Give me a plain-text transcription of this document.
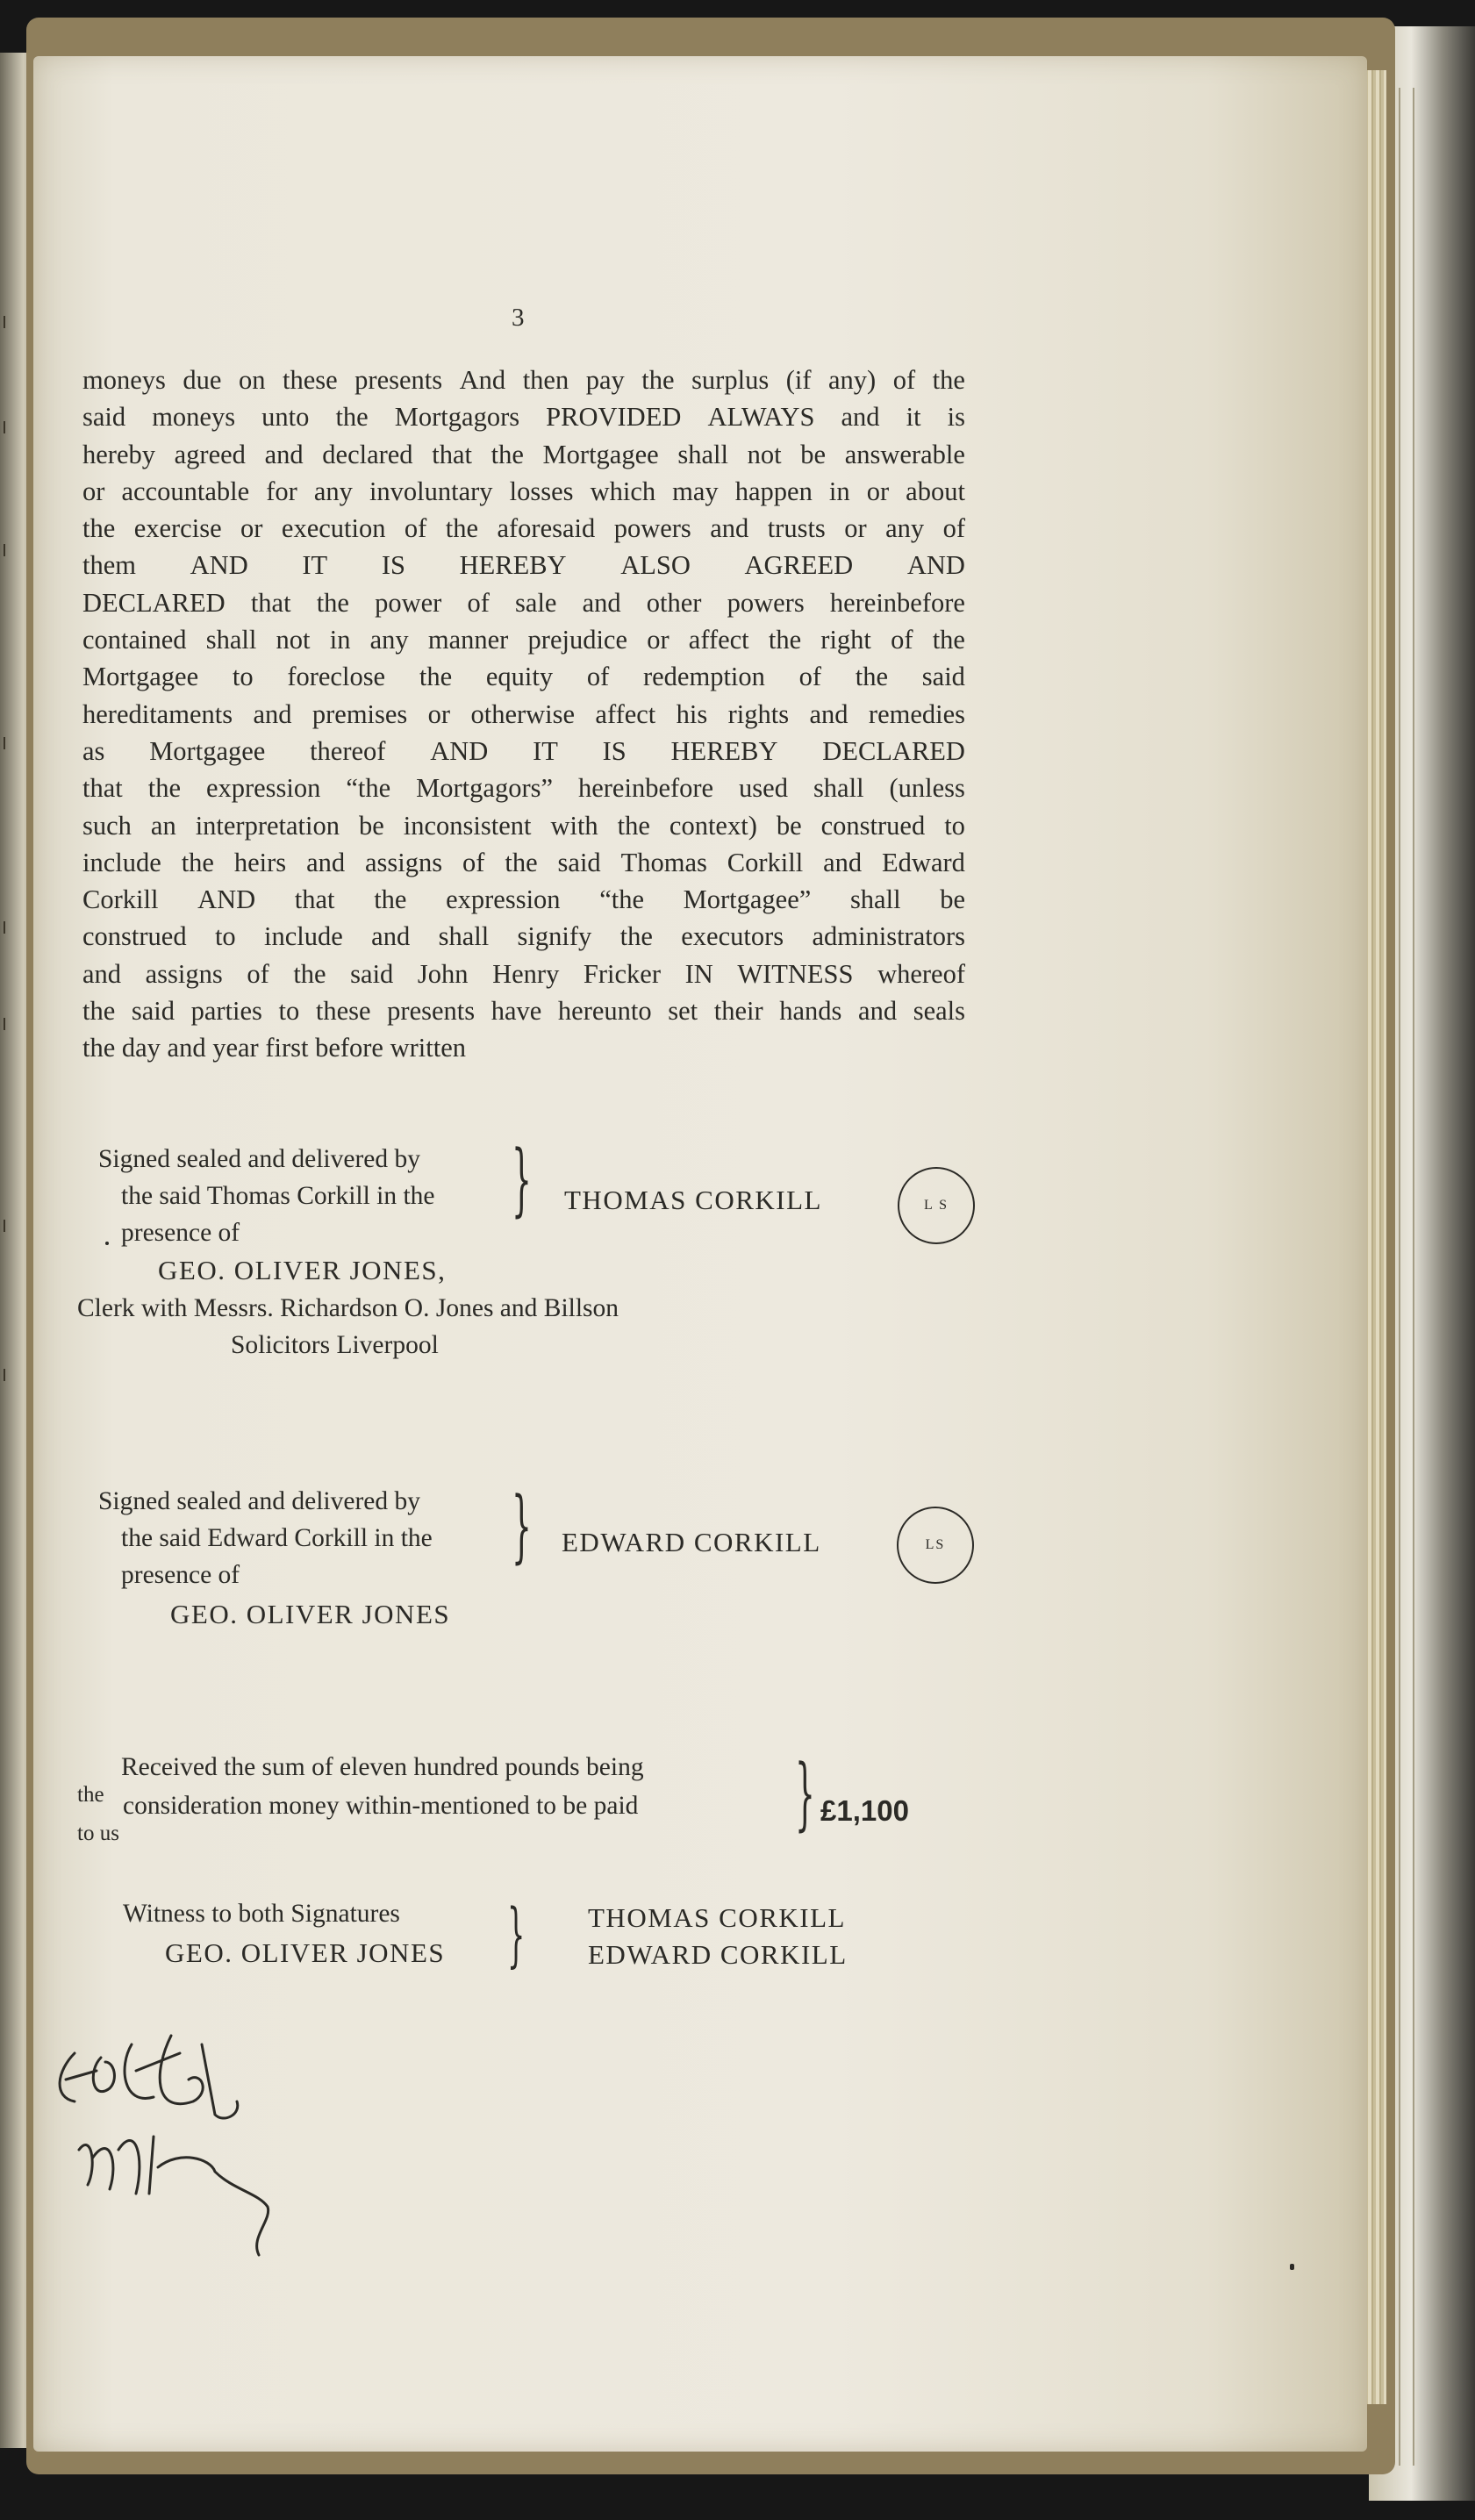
3
moneys due on these presents And then pay the surplus (if any) of the
said moneys unto the Mortgagors PROVIDED ALWAYS and it is
hereby agreed and declared that the Mortgagee shall not be answerable
or accountable for any involuntary losses which may happen in or about
the exercise or execution of the aforesaid powers and trusts or any of
them AND IT IS HEREBY ALSO AGREED AND
DECLARED that the power of sale and other powers hereinbefore
contained shall not in any manner prejudice or affect the right of the
Mortgagee to foreclose the equity of redemption of the said
hereditaments and premises or otherwise affect his rights and remedies
as Mortgagee thereof AND IT IS HEREBY DECLARED
that the expression “the Mortgagors” hereinbefore used shall (unless
such an interpretation be inconsistent with the context) be construed to
include the heirs and assigns of the said Thomas Corkill and Edward
Corkill AND that the expression “the Mortgagee” shall be
construed to include and shall signify the executors administrators
and assigns of the said John Henry Fricker IN WITNESS whereof
the said parties to these presents have hereunto set their hands and seals
the day and year first before written
Signed sealed and delivered by
the said Thomas Corkill in the
presence of
} THOMAS CORKILL	L S
GEO. OLIVER JONES,
Clerk with Messrs. Richardson O. Jones and Billson
Solicitors Liverpool
Signed sealed and delivered by
the said Edward Corkill in the
presence of
} EDWARD CORKILL	LS
GEO. OLIVER JONES
Received the sum of eleven hundred pounds being
the consideration money within-mentioned to be paid
to us	} £1,100
Witness to both Signatures
GEO. OLIVER JONES } THOMAS CORKILL
EDWARD CORKILL
